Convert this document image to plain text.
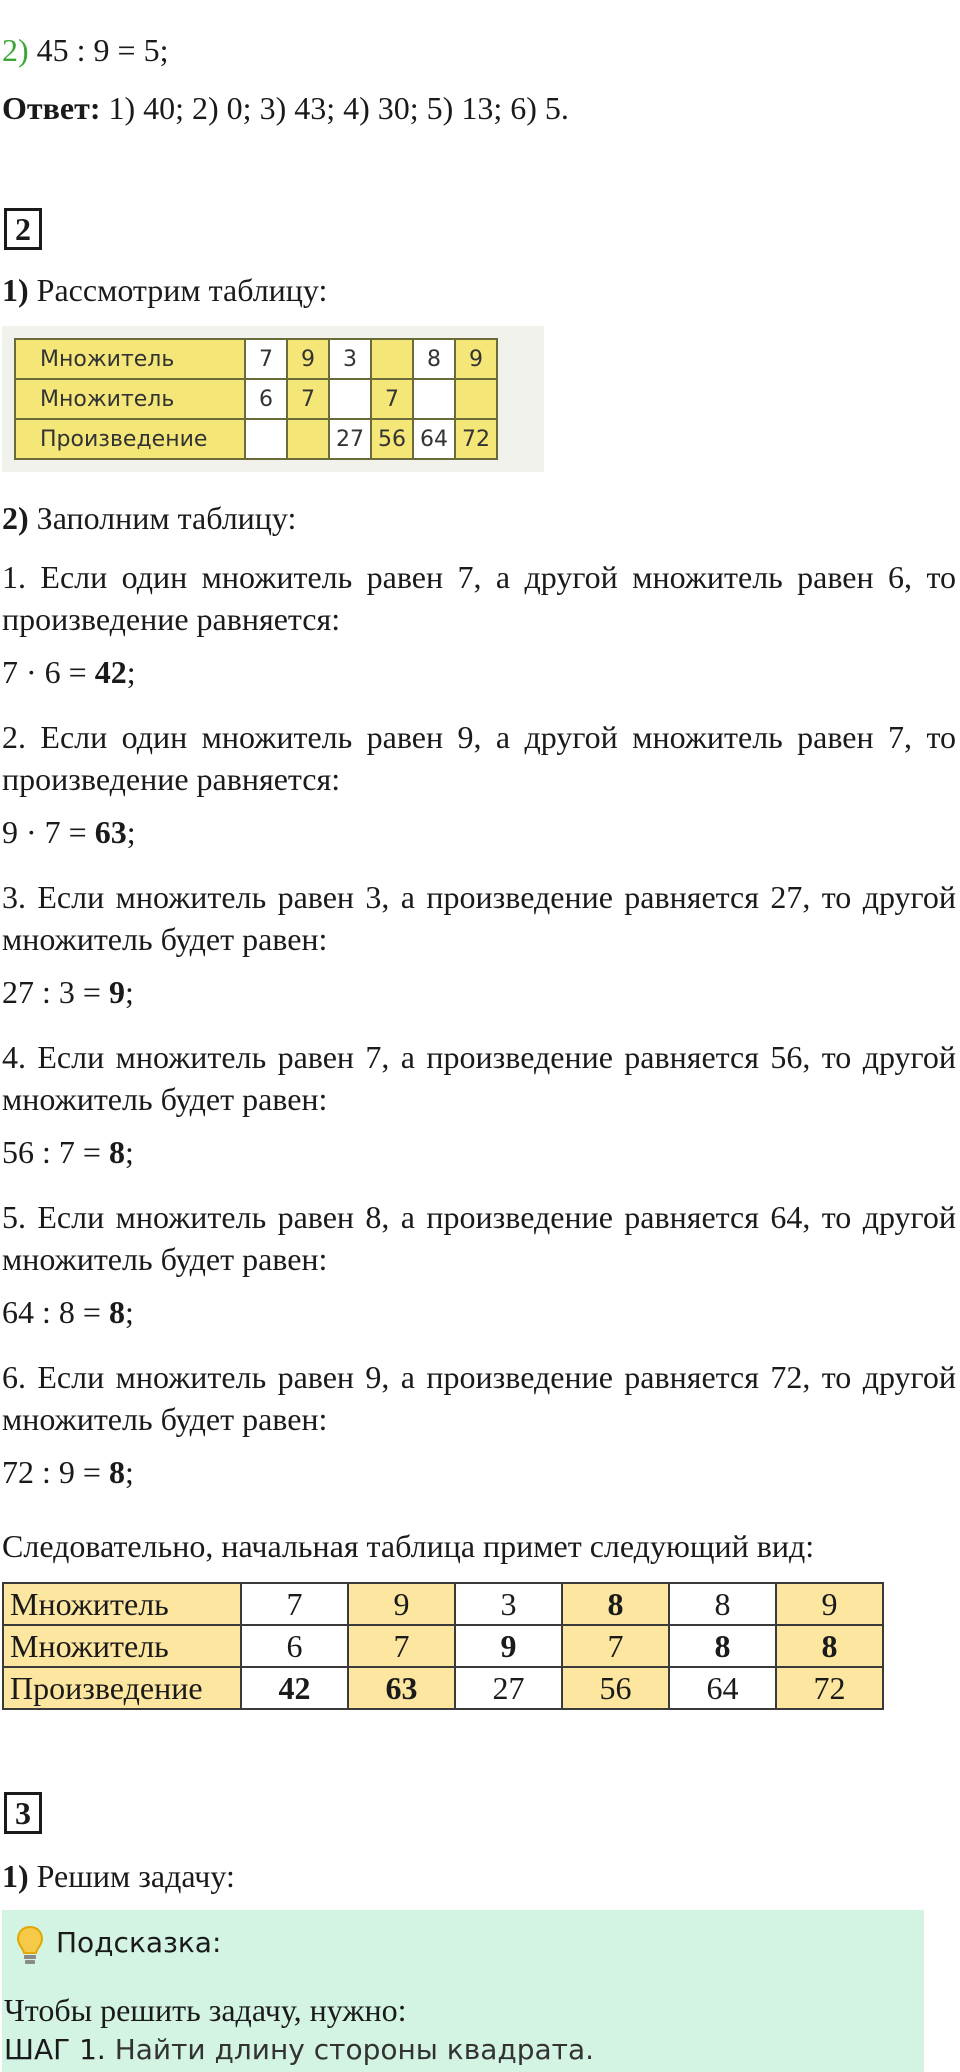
2) 45 : 9 = 5;
Ответ: 1) 40; 2) 0; 3) 43; 4) 30; 5) 13; 6) 5.
2
1) Рассмотрим таблицу:
Множитель	7	9	3		8	9
Множитель	6	7		7		
Произведение			27	56	64	72
2) Заполним таблицу:
1. Если один множитель равен 7, а другой множитель равен 6, то произведение равняется:
7 · 6 = 42;
2. Если один множитель равен 9, а другой множитель равен 7, то произведение равняется:
9 · 7 = 63;
3. Если множитель равен 3, а произведение равняется 27, то другой множитель будет равен:
27 : 3 = 9;
4. Если множитель равен 7, а произведение равняется 56, то другой множитель будет равен:
56 : 7 = 8;
5. Если множитель равен 8, а произведение равняется 64, то другой множитель будет равен:
64 : 8 = 8;
6. Если множитель равен 9, а произведение равняется 72, то другой множитель будет равен:
72 : 9 = 8;
Следовательно, начальная таблица примет следующий вид:
Множитель	7	9	3	8	8	9
Множитель	6	7	9	7	8	8
Произведение	42	63	27	56	64	72
3
1) Решим задачу:
Подсказка:
Чтобы решить задачу, нужно:
ШАГ 1. Найти длину стороны квадрата.
